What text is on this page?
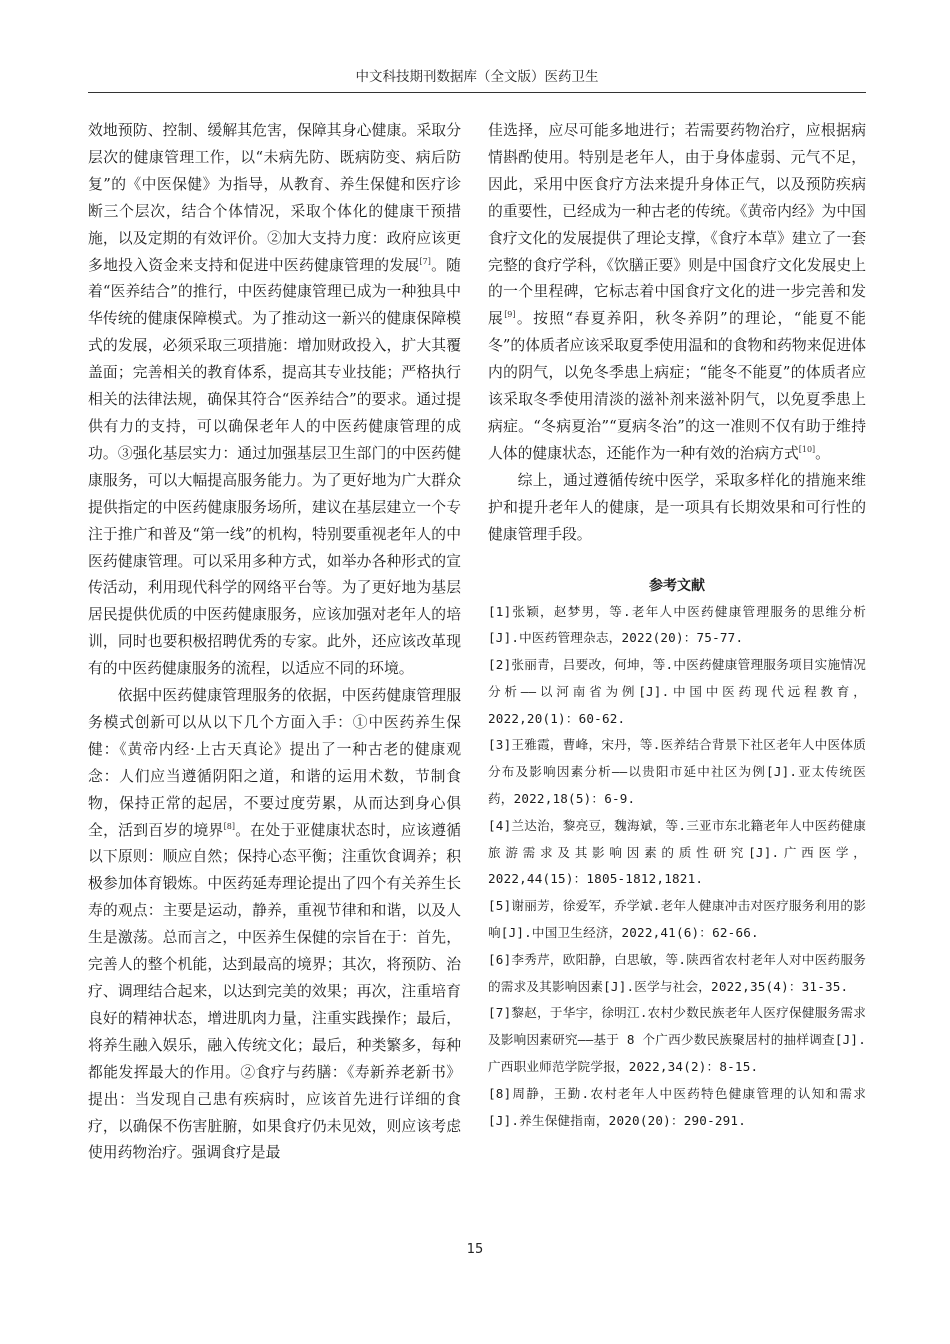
中文科技期刊数据库（全文版）医药卫生

效地预防、控制、缓解其危害，保障其身心健康。采取分层次的健康管理工作，以“未病先防、既病防变、病后防复”的《中医保健》为指导，从教育、养生保健和医疗诊断三个层次，结合个体情况，采取个体化的健康干预措施，以及定期的有效评价。②加大支持力度：政府应该更多地投入资金来支持和促进中医药健康管理的发展[7]。随着“医养结合”的推行，中医药健康管理已成为一种独具中华传统的健康保障模式。为了推动这一新兴的健康保障模式的发展，必须采取三项措施：增加财政投入，扩大其覆盖面；完善相关的教育体系，提高其专业技能；严格执行相关的法律法规，确保其符合“医养结合”的要求。通过提供有力的支持，可以确保老年人的中医药健康管理的成功。③强化基层实力：通过加强基层卫生部门的中医药健康服务，可以大幅提高服务能力。为了更好地为广大群众提供指定的中医药健康服务场所，建议在基层建立一个专注于推广和普及“第一线”的机构，特别要重视老年人的中医药健康管理。可以采用多种方式，如举办各种形式的宣传活动，利用现代科学的网络平台等。为了更好地为基层居民提供优质的中医药健康服务，应该加强对老年人的培训，同时也要积极招聘优秀的专家。此外，还应该改革现有的中医药健康服务的流程，以适应不同的环境。

依据中医药健康管理服务的依据，中医药健康管理服务模式创新可以从以下几个方面入手：①中医药养生保健：《黄帝内经·上古天真论》提出了一种古老的健康观念：人们应当遵循阴阳之道，和谐的运用术数，节制食物，保持正常的起居，不要过度劳累，从而达到身心俱全，活到百岁的境界[8]。在处于亚健康状态时，应该遵循以下原则：顺应自然；保持心态平衡；注重饮食调养；积极参加体育锻炼。中医药延寿理论提出了四个有关养生长寿的观点：主要是运动，静养，重视节律和和谐，以及人生是激荡。总而言之，中医养生保健的宗旨在于：首先，完善人的整个机能，达到最高的境界；其次，将预防、治疗、调理结合起来，以达到完美的效果；再次，注重培育良好的精神状态，增进肌肉力量，注重实践操作；最后，将养生融入娱乐，融入传统文化；最后，种类繁多，每种都能发挥最大的作用。②食疗与药膳：《寿新养老新书》提出：当发现自己患有疾病时，应该首先进行详细的食疗，以确保不伤害脏腑，如果食疗仍未见效，则应该考虑使用药物治疗。强调食疗是最

佳选择，应尽可能多地进行；若需要药物治疗，应根据病情斟酌使用。特别是老年人，由于身体虚弱、元气不足，因此，采用中医食疗方法来提升身体正气，以及预防疾病的重要性，已经成为一种古老的传统。《黄帝内经》为中国食疗文化的发展提供了理论支撑，《食疗本草》建立了一套完整的食疗学科，《饮膳正要》则是中国食疗文化发展史上的一个里程碑，它标志着中国食疗文化的进一步完善和发展[9]。按照“春夏养阳，秋冬养阴”的理论，“能夏不能冬”的体质者应该采取夏季使用温和的食物和药物来促进体内的阴气，以免冬季患上病症；“能冬不能夏”的体质者应该采取冬季使用清淡的滋补剂来滋补阴气，以免夏季患上病症。“冬病夏治”“夏病冬治”的这一准则不仅有助于维持人体的健康状态，还能作为一种有效的治病方式[10]。

综上，通过遵循传统中医学，采取多样化的措施来维护和提升老年人的健康，是一项具有长期效果和可行性的健康管理手段。

参考文献

[1]张颖，赵梦男，等.老年人中医药健康管理服务的思维分析[J].中医药管理杂志，2022(20)：75-77.

[2]张丽青，吕要改，何坤，等.中医药健康管理服务项目实施情况分析——以河南省为例[J].中国中医药现代远程教育，2022,20(1)：60-62.

[3]王雅霞，曹峰，宋丹，等.医养结合背景下社区老年人中医体质分布及影响因素分析——以贵阳市延中社区为例[J].亚太传统医药，2022,18(5)：6-9.

[4]兰达治，黎亮豆，魏海斌，等.三亚市东北籍老年人中医药健康旅游需求及其影响因素的质性研究[J].广西医学，2022,44(15)：1805-1812,1821.

[5]谢丽芳，徐爱军，乔学斌.老年人健康冲击对医疗服务利用的影响[J].中国卫生经济，2022,41(6)：62-66.

[6]李秀芹，欧阳静，白思敏，等.陕西省农村老年人对中医药服务的需求及其影响因素[J].医学与社会，2022,35(4)：31-35.

[7]黎赵，于华宇，徐明江.农村少数民族老年人医疗保健服务需求及影响因素研究——基于 8 个广西少数民族聚居村的抽样调查[J].广西职业师范学院学报，2022,34(2)：8-15.

[8]周静，王勤.农村老年人中医药特色健康管理的认知和需求[J].养生保健指南，2020(20)：290-291.

15
